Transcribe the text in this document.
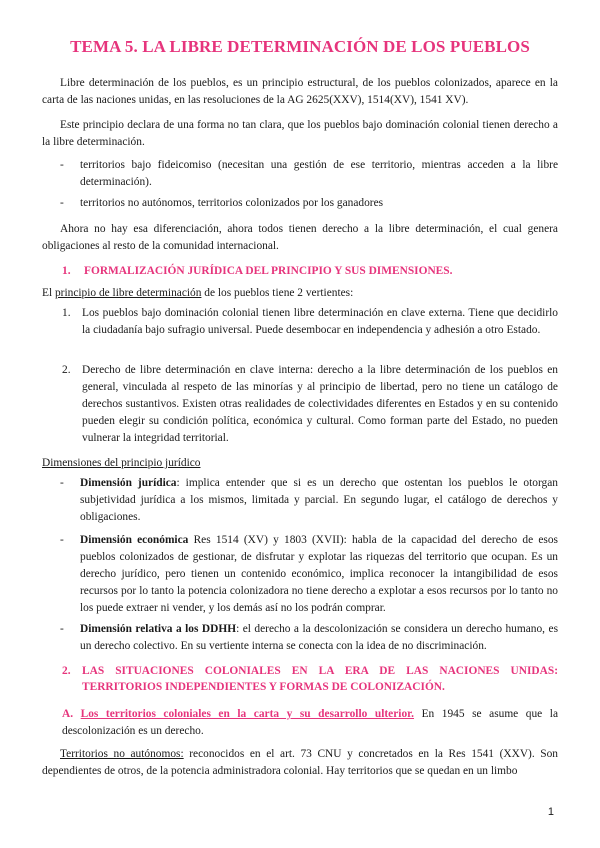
TEMA 5. LA LIBRE DETERMINACIÓN DE LOS PUEBLOS

Libre determinación de los pueblos, es un principio estructural, de los pueblos colonizados, aparece en la carta de las naciones unidas, en las resoluciones de la AG 2625(XXV), 1514(XV), 1541 XV).

Este principio declara de una forma no tan clara, que los pueblos bajo dominación colonial tienen derecho a la libre determinación.

-	territorios bajo fideicomiso (necesitan una gestión de ese territorio, mientras acceden a la libre determinación).
-	territorios no autónomos, territorios colonizados por los ganadores

Ahora no hay esa diferenciación, ahora todos tienen derecho a la libre determinación, el cual genera obligaciones al resto de la comunidad internacional.

1. FORMALIZACIÓN JURÍDICA DEL PRINCIPIO Y SUS DIMENSIONES.

El principio de libre determinación de los pueblos tiene 2 vertientes:

1.	Los pueblos bajo dominación colonial tienen libre determinación en clave externa. Tiene que decidirlo la ciudadanía bajo sufragio universal. Puede desembocar en independencia y adhesión a otro Estado.
2.	Derecho de libre determinación en clave interna: derecho a la libre determinación de los pueblos en general, vinculada al respeto de las minorías y al principio de libertad, pero no tiene un catálogo de derechos sustantivos. Existen otras realidades de colectividades diferentes en Estados y en su contenido pueden elegir su condición política, económica y cultural. Como forman parte del Estado, no pueden vulnerar la integridad territorial.

Dimensiones del principio jurídico

-	Dimensión jurídica: implica entender que si es un derecho que ostentan los pueblos le otorgan subjetividad jurídica a los mismos, limitada y parcial. En segundo lugar, el catálogo de derechos y obligaciones.
-	Dimensión económica Res 1514 (XV) y 1803 (XVII): habla de la capacidad del derecho de esos pueblos colonizados de gestionar, de disfrutar y explotar las riquezas del territorio que ocupan. Es un derecho jurídico, pero tienen un contenido económico, implica reconocer la intangibilidad de esos recursos por lo tanto la potencia colonizadora no tiene derecho a explotar a esos recursos por lo tanto no los puede extraer ni vender, y los demás así no los podrán comprar.
-	Dimensión relativa a los DDHH: el derecho a la descolonización se considera un derecho humano, es un derecho colectivo. En su vertiente interna se conecta con la idea de no discriminación.
2.	LAS SITUACIONES COLONIALES EN LA ERA DE LAS NACIONES UNIDAS: TERRITORIOS INDEPENDIENTES Y FORMAS DE COLONIZACIÓN.
A. Los territorios coloniales en la carta y su desarrollo ulterior. En 1945 se asume que la descolonización es un derecho.

Territorios no autónomos: reconocidos en el art. 73 CNU y concretados en la Res 1541 (XXV). Son dependientes de otros, de la potencia administradora colonial. Hay territorios que se quedan en un limbo

1
